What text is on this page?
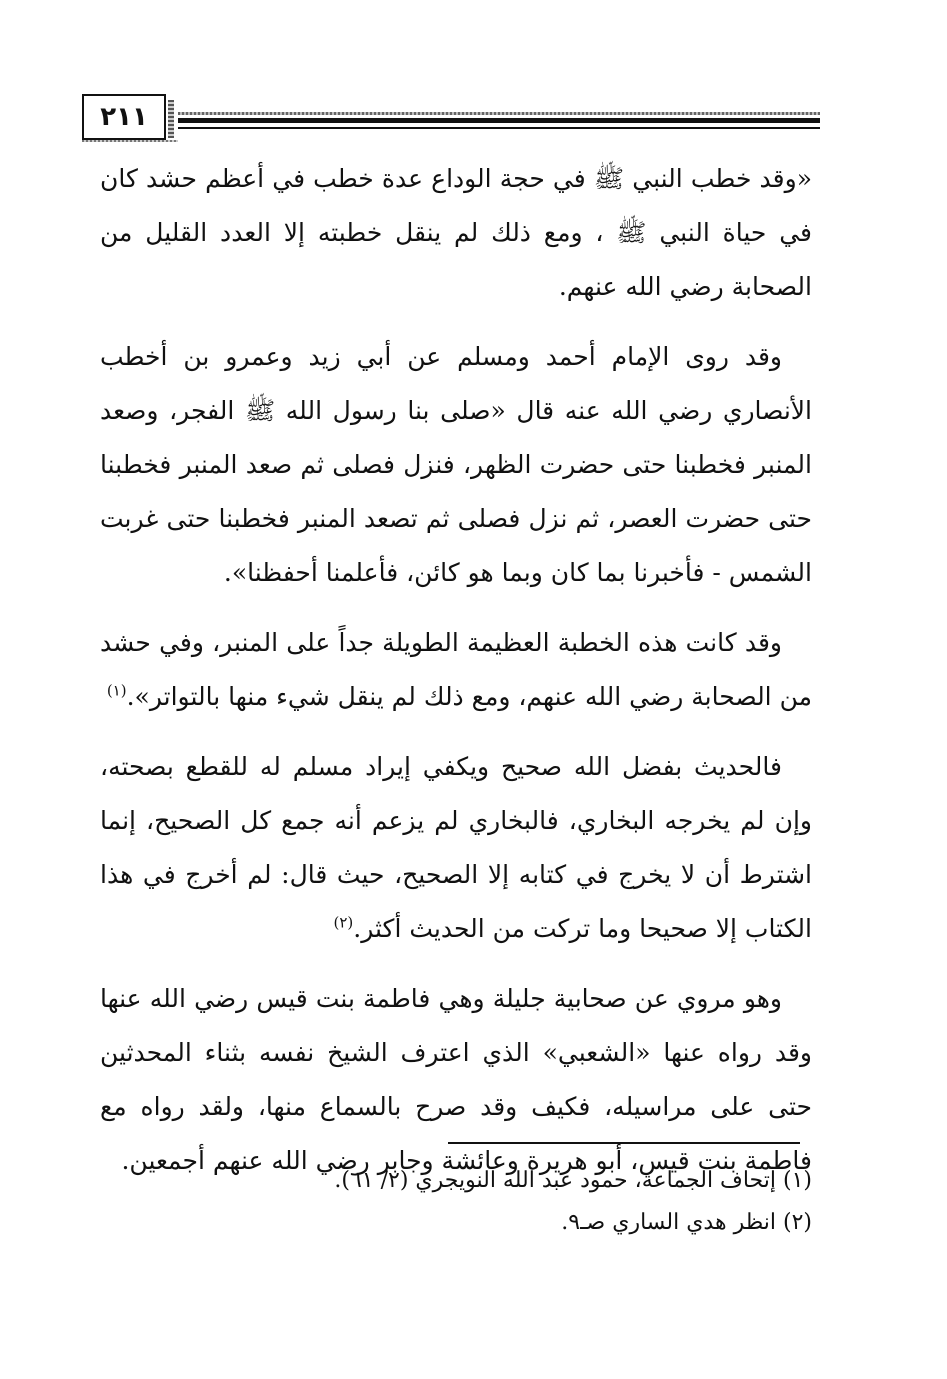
٢١١

«وقد خطب النبي ﷺ في حجة الوداع عدة خطب في أعظم حشد كان في حياة النبي ﷺ ، ومع ذلك لم ينقل خطبته إلا العدد القليل من الصحابة رضي الله عنهم.

وقد روى الإمام أحمد ومسلم عن أبي زيد وعمرو بن أخطب الأنصاري رضي الله عنه قال «صلى بنا رسول الله ﷺ الفجر، وصعد المنبر فخطبنا حتى حضرت الظهر، فنزل فصلى ثم صعد المنبر فخطبنا حتى حضرت العصر، ثم نزل فصلى ثم تصعد المنبر فخطبنا حتى غربت الشمس - فأخبرنا بما كان وبما هو كائن، فأعلمنا أحفظنا».

وقد كانت هذه الخطبة العظيمة الطويلة جداً على المنبر، وفي حشد من الصحابة رضي الله عنهم، ومع ذلك لم ينقل شيء منها بالتواتر».$^{(١)}$

فالحديث بفضل الله صحيح ويكفي إيراد مسلم له للقطع بصحته، وإن لم يخرجه البخاري، فالبخاري لم يزعم أنه جمع كل الصحيح، إنما اشترط أن لا يخرج في كتابه إلا الصحيح، حيث قال: لم أخرج في هذا الكتاب إلا صحيحا وما تركت من الحديث أكثر.$^{(٢)}$

وهو مروي عن صحابية جليلة وهي فاطمة بنت قيس رضي الله عنها وقد رواه عنها «الشعبي» الذي اعترف الشيخ نفسه بثناء المحدثين حتى على مراسيله، فكيف وقد صرح بالسماع منها، ولقد رواه مع فاطمة بنت قيس، أبو هريرة وعائشة وجابر رضي الله عنهم أجمعين.

(١) إتحاف الجماعة، حمود عبد الله النويجري (٢/ ٦١).

(٢) انظر هدي الساري صـ٩.
